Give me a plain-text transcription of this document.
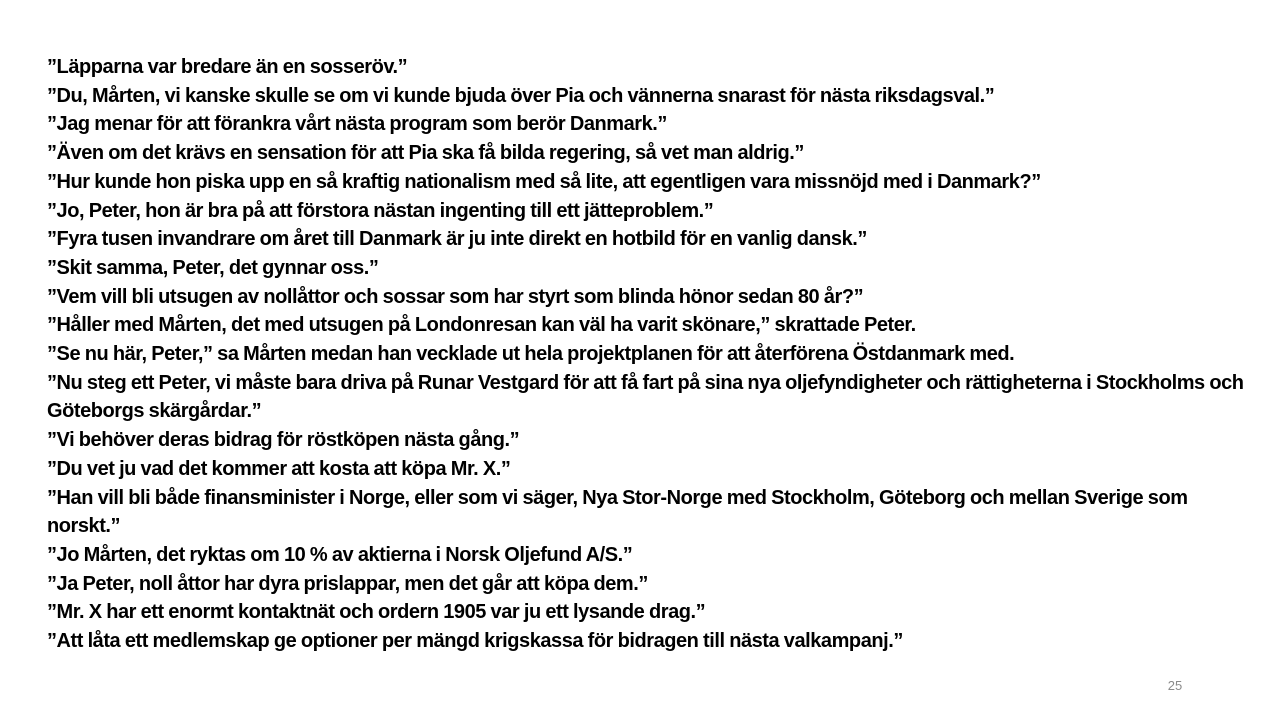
”Läpparna var bredare än en sosseröv.”
”Du, Mårten, vi kanske skulle se om vi kunde bjuda över Pia och vännerna snarast för nästa riksdagsval.”
”Jag menar för att förankra vårt nästa program som berör Danmark.”
”Även om det krävs en sensation för att Pia ska få bilda regering, så vet man aldrig.”
”Hur kunde hon piska upp en så kraftig nationalism med så lite, att egentligen vara missnöjd med i Danmark?”
”Jo, Peter, hon är bra på att förstora nästan ingenting till ett jätteproblem.”
”Fyra tusen invandrare om året till Danmark är ju inte direkt en hotbild för en vanlig dansk.”
”Skit samma, Peter, det gynnar oss.”
”Vem vill bli utsugen av nollåttor och sossar som har styrt som blinda hönor sedan 80 år?”
”Håller med Mårten, det med utsugen på Londonresan kan väl ha varit skönare,” skrattade Peter.
”Se nu här, Peter,” sa Mårten medan han vecklade ut hela projektplanen för att återförena Östdanmark med.
”Nu steg ett Peter, vi måste bara driva på Runar Vestgard för att få fart på sina nya oljefyndigheter och rättigheterna i Stockholms och Göteborgs skärgårdar.”
”Vi behöver deras bidrag för röstköpen nästa gång.”
”Du vet ju vad det kommer att kosta att köpa Mr. X.”
”Han vill bli både finansminister i Norge, eller som vi säger, Nya Stor-Norge med Stockholm, Göteborg och mellan Sverige som norskt.”
”Jo Mårten, det ryktas om 10 % av aktierna i Norsk Oljefund A/S.”
”Ja Peter, noll åttor har dyra prislappar, men det går att köpa dem.”
”Mr. X har ett enormt kontaktnät och ordern 1905 var ju ett lysande drag.”
”Att låta ett medlemskap ge optioner per mängd krigskassa för bidragen till nästa valkampanj.”
25
